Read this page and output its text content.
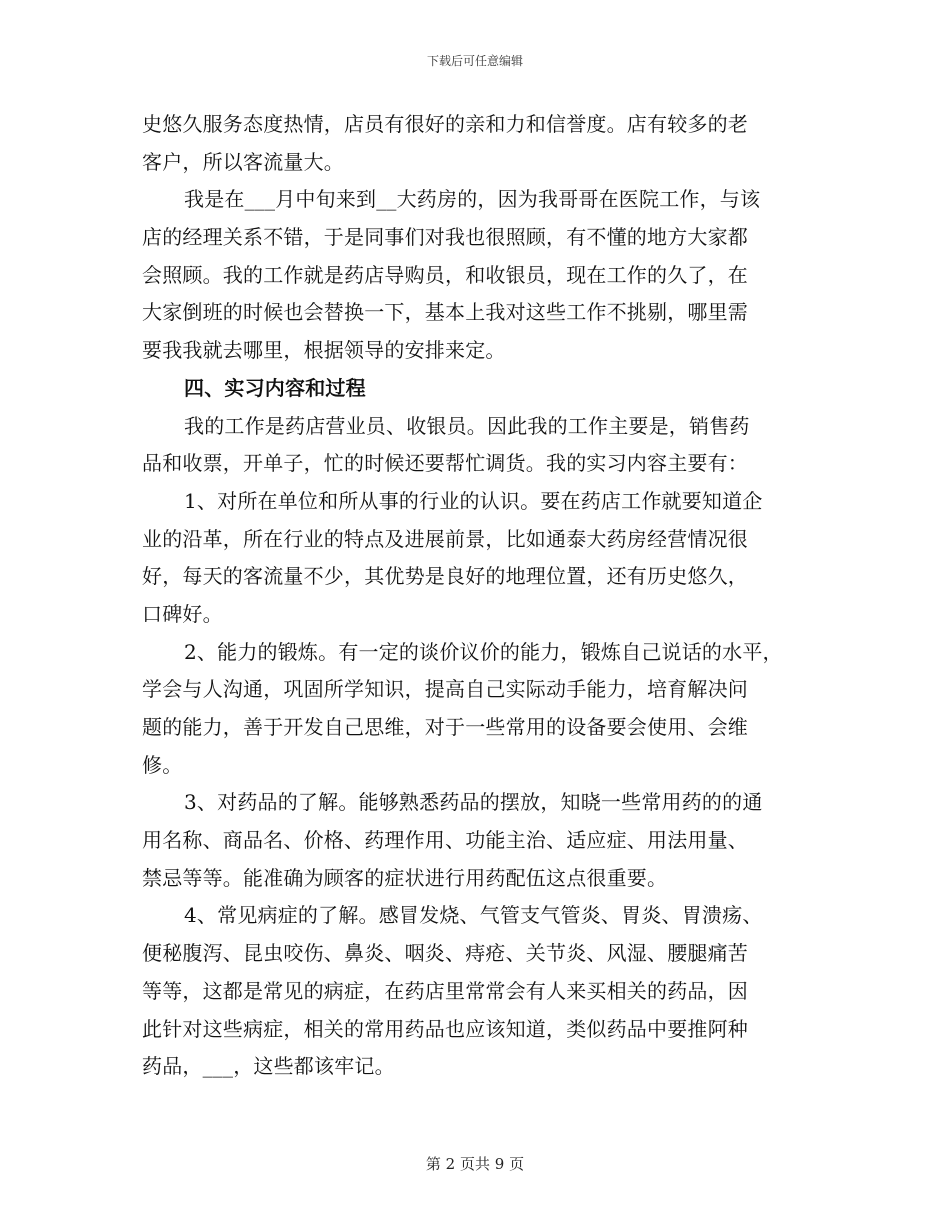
下载后可任意编辑
史悠久服务态度热情，店员有很好的亲和力和信誉度。店有较多的老
客户，所以客流量大。
我是在___月中旬来到__大药房的，因为我哥哥在医院工作，与该
店的经理关系不错，于是同事们对我也很照顾，有不懂的地方大家都
会照顾。我的工作就是药店导购员，和收银员，现在工作的久了，在
大家倒班的时候也会替换一下，基本上我对这些工作不挑剔，哪里需
要我我就去哪里，根据领导的安排来定。
四、实习内容和过程
我的工作是药店营业员、收银员。因此我的工作主要是，销售药
品和收票，开单子，忙的时候还要帮忙调货。我的实习内容主要有：
1、对所在单位和所从事的行业的认识。要在药店工作就要知道企
业的沿革，所在行业的特点及进展前景，比如通泰大药房经营情况很
好，每天的客流量不少，其优势是良好的地理位置，还有历史悠久，
口碑好。
2、能力的锻炼。有一定的谈价议价的能力，锻炼自己说话的水平，
学会与人沟通，巩固所学知识，提高自己实际动手能力，培育解决问
题的能力，善于开发自己思维，对于一些常用的设备要会使用、会维
修。
3、对药品的了解。能够熟悉药品的摆放，知晓一些常用药的的通
用名称、商品名、价格、药理作用、功能主治、适应症、用法用量、
禁忌等等。能准确为顾客的症状进行用药配伍这点很重要。
4、常见病症的了解。感冒发烧、气管支气管炎、胃炎、胃溃疡、
便秘腹泻、昆虫咬伤、鼻炎、咽炎、痔疮、关节炎、风湿、腰腿痛苦
等等，这都是常见的病症，在药店里常常会有人来买相关的药品，因
此针对这些病症，相关的常用药品也应该知道，类似药品中要推阿种
药品，___，这些都该牢记。
第 2 页共 9 页
